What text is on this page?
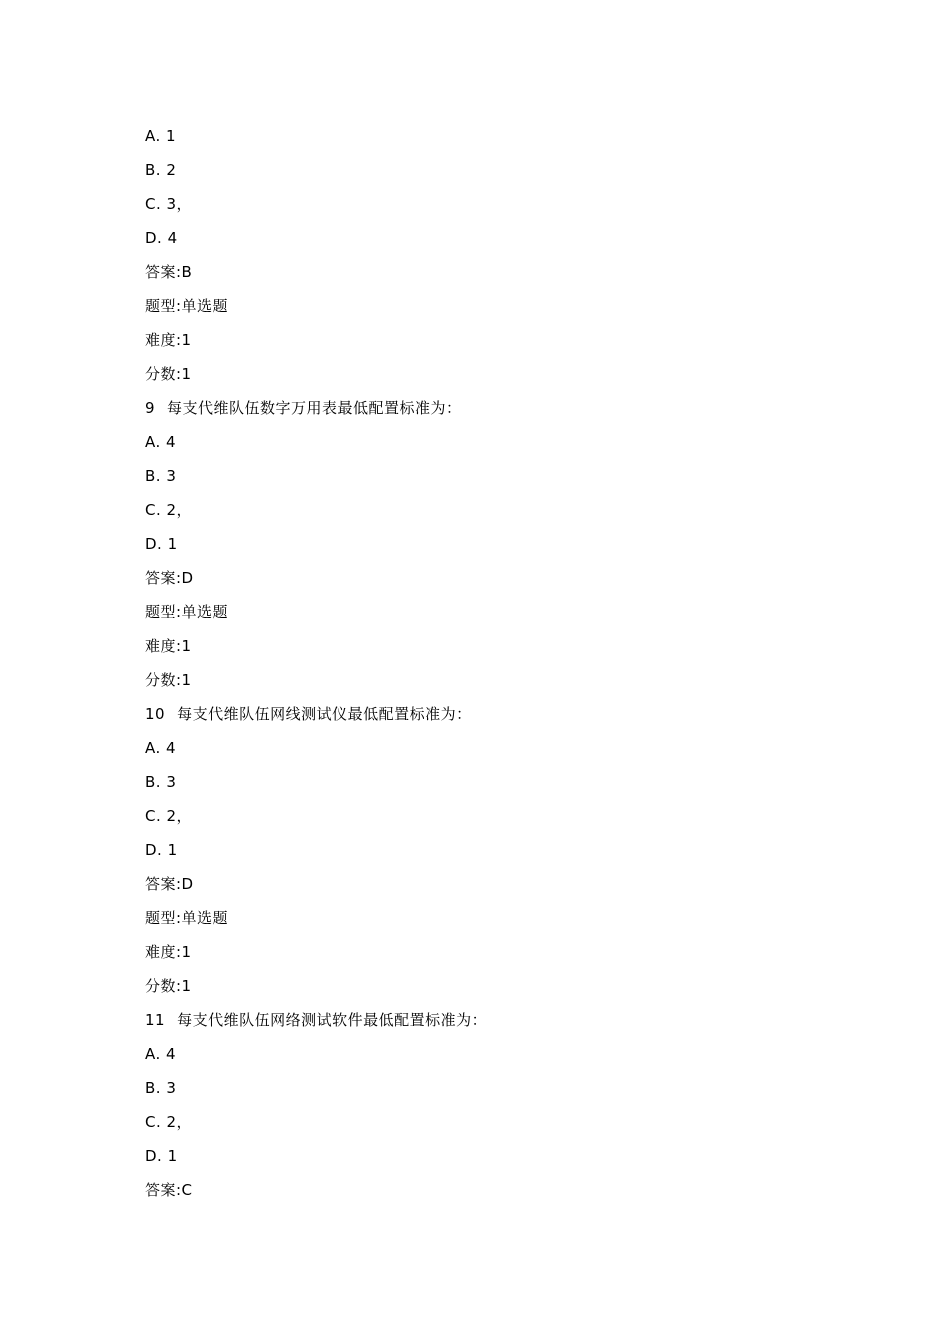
A. 1
B. 2
C. 3，
D. 4
答案:B
题型:单选题
难度:1
分数:1
9 每支代维队伍数字万用表最低配置标准为：
A. 4
B. 3
C. 2，
D. 1
答案:D
题型:单选题
难度:1
分数:1
10 每支代维队伍网线测试仪最低配置标准为：
A. 4
B. 3
C. 2，
D. 1
答案:D
题型:单选题
难度:1
分数:1
11 每支代维队伍网络测试软件最低配置标准为：
A. 4
B. 3
C. 2，
D. 1
答案:C
